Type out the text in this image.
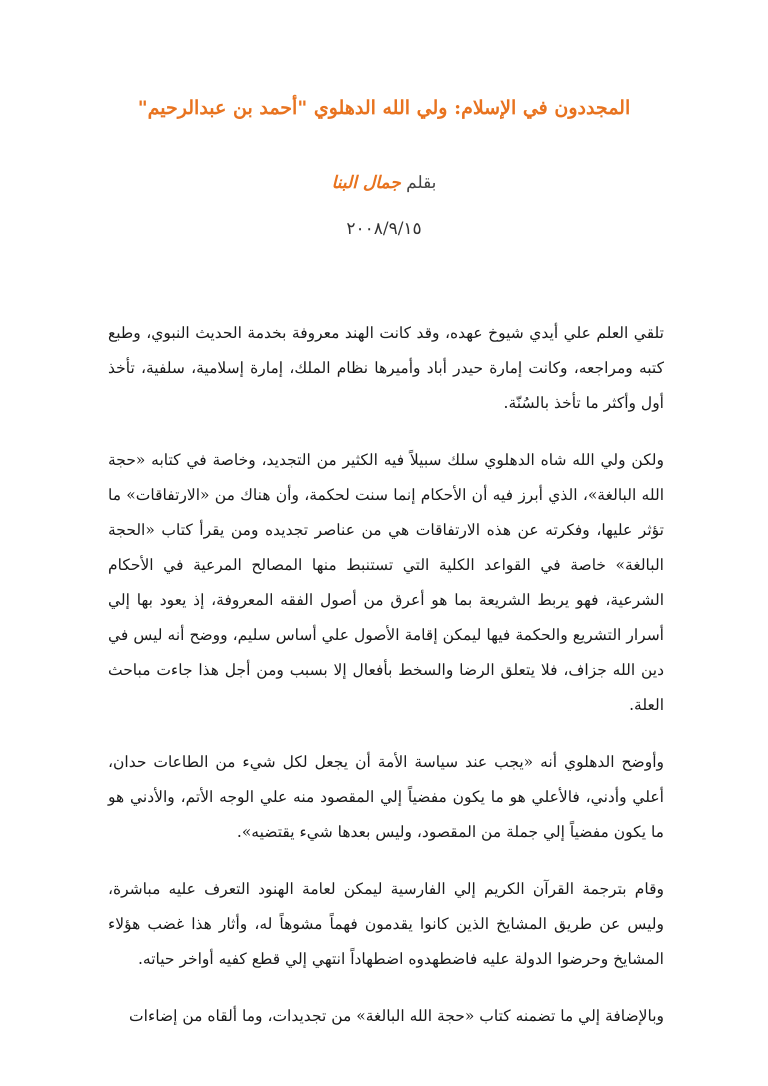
المجددون في الإسلام: ولي الله الدهلوي "أحمد بن عبدالرحيم"
بقلم جمال البنا
٢٠٠٨/٩/١٥

تلقي العلم علي أيدي شيوخ عهده، وقد كانت الهند معروفة بخدمة الحديث النبوي، وطبع كتبه ومراجعه، وكانت إمارة حيدر أباد وأميرها نظام الملك، إمارة إسلامية، سلفية، تأخذ أول وأكثر ما تأخذ بالسُنّة.

ولكن ولي الله شاه الدهلوي سلك سبيلاً فيه الكثير من التجديد، وخاصة في كتابه «حجة الله البالغة»، الذي أبرز فيه أن الأحكام إنما سنت لحكمة، وأن هناك من «الارتفاقات» ما تؤثر عليها، وفكرته عن هذه الارتفاقات هي من عناصر تجديده ومن يقرأ كتاب «الحجة البالغة» خاصة في القواعد الكلية التي تستنبط منها المصالح المرعية في الأحكام الشرعية، فهو يربط الشريعة بما هو أعرق من أصول الفقه المعروفة، إذ يعود بها إلي أسرار التشريع والحكمة فيها ليمكن إقامة الأصول علي أساس سليم، ووضح أنه ليس في دين الله جزاف، فلا يتعلق الرضا والسخط بأفعال إلا بسبب ومن أجل هذا جاءت مباحث العلة.

وأوضح الدهلوي أنه «يجب عند سياسة الأمة أن يجعل لكل شيء من الطاعات حدان، أعلي وأدني، فالأعلي هو ما يكون مفضياً إلي المقصود منه علي الوجه الأتم، والأدني هو ما يكون مفضياً إلي جملة من المقصود، وليس بعدها شيء يقتضيه».

وقام بترجمة القرآن الكريم إلي الفارسية ليمكن لعامة الهنود التعرف عليه مباشرة، وليس عن طريق المشايخ الذين كانوا يقدمون فهماً مشوهاً له، وأثار هذا غضب هؤلاء المشايخ وحرضوا الدولة عليه فاضطهدوه اضطهاداً انتهي إلي قطع كفيه أواخر حياته.

وبالإضافة إلي ما تضمنه كتاب «حجة الله البالغة» من تجديدات، وما ألقاه من إضاءات
